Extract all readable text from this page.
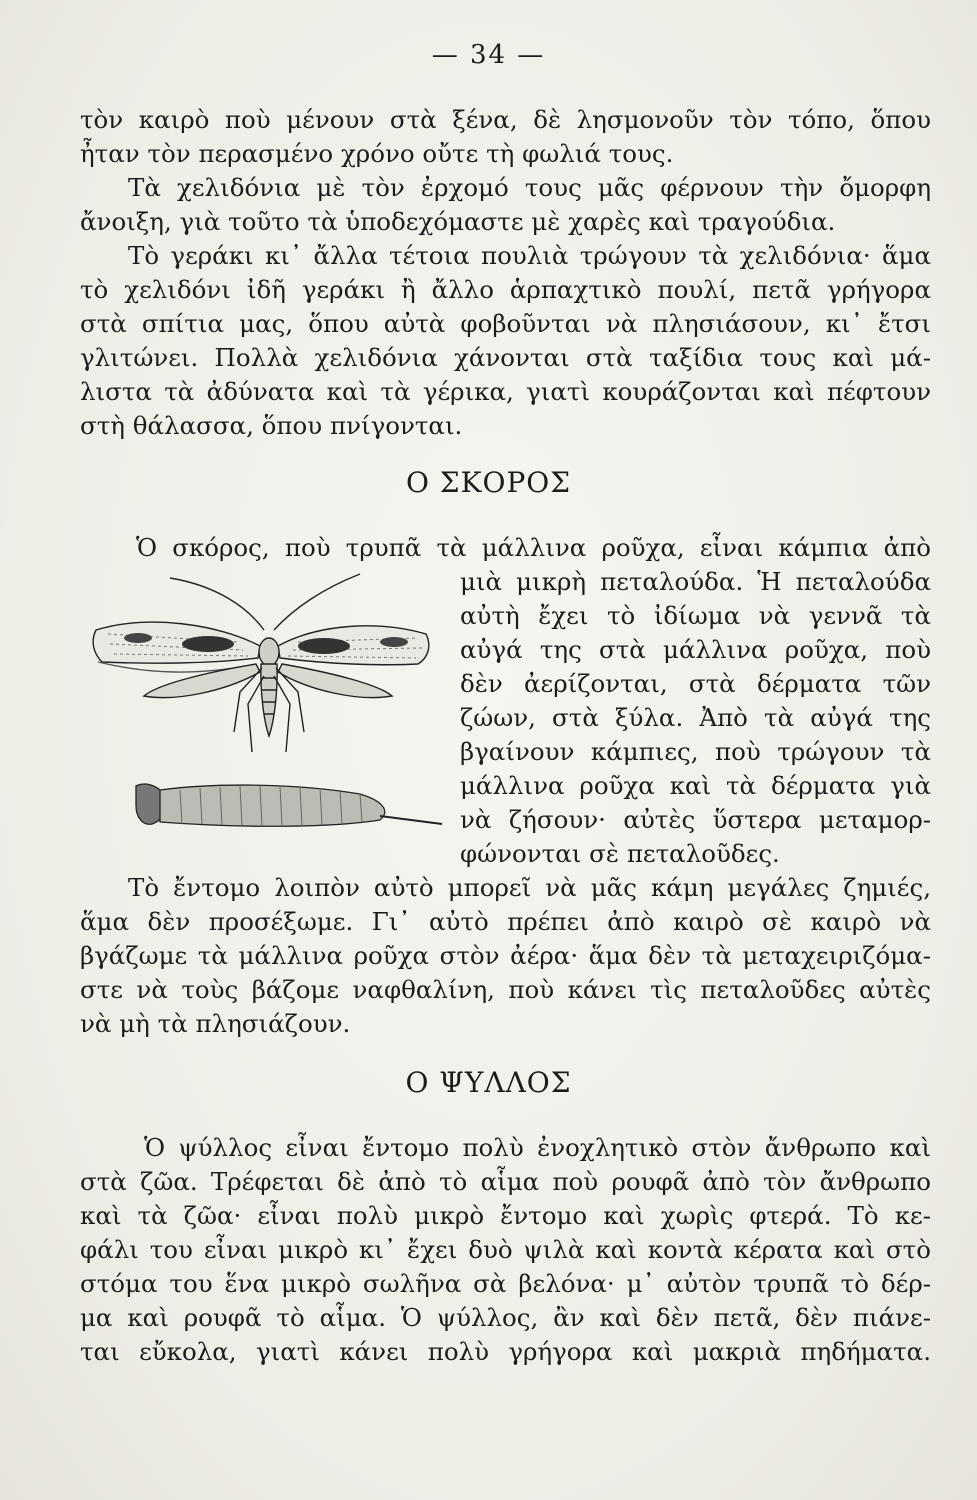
— 34 —
τὸν καιρὸ ποὺ μένουν στὰ ξένα, δὲ λησμονοῦν τὸν τόπο, ὅπου
ἦταν τὸν περασμένο χρόνο οὔτε τὴ φωλιά τους.
Τὰ χελιδόνια μὲ τὸν ἐρχομό τους μᾶς φέρνουν τὴν ὄμορφη
ἄνοιξη, γιὰ τοῦτο τὰ ὑποδεχόμαστε μὲ χαρὲς καὶ τραγούδια.
Τὸ γεράκι κι᾿ ἄλλα τέτοια πουλιὰ τρώγουν τὰ χελιδόνια· ἅμα
τὸ χελιδόνι ἰδῆ γεράκι ἢ ἄλλο ἁρπαχτικὸ πουλί, πετᾶ γρήγορα
στὰ σπίτια μας, ὅπου αὐτὰ φοβοῦνται νὰ πλησιάσουν, κι᾿ ἔτσι
γλιτώνει. Πολλὰ χελιδόνια χάνονται στὰ ταξίδια τους καὶ μά-
λιστα τὰ ἀδύνατα καὶ τὰ γέρικα, γιατὶ κουράζονται καὶ πέφτουν
στὴ θάλασσα, ὅπου πνίγονται.
Ο ΣΚΟΡΟΣ
Ὁ σκόρος, ποὺ τρυπᾶ τὰ μάλλινα ροῦχα, εἶναι κάμπια ἀπὸ
μιὰ μικρὴ πεταλούδα. Ἡ πεταλούδα
αὐτὴ ἔχει τὸ ἰδίωμα νὰ γεννᾶ τὰ
αὐγά της στὰ μάλλινα ροῦχα, ποὺ
δὲν ἀερίζονται, στὰ δέρματα τῶν
ζώων, στὰ ξύλα. Ἀπὸ τὰ αὐγά της
βγαίνουν κάμπιες, ποὺ τρώγουν τὰ
μάλλινα ροῦχα καὶ τὰ δέρματα γιὰ
νὰ ζήσουν· αὐτὲς ὕστερα μεταμορ-
φώνονται σὲ πεταλοῦδες.
Τὸ ἔντομο λοιπὸν αὐτὸ μπορεῖ νὰ μᾶς κάμη μεγάλες ζημιές,
ἅμα δὲν προσέξωμε. Γι᾿ αὐτὸ πρέπει ἀπὸ καιρὸ σὲ καιρὸ νὰ
βγάζωμε τὰ μάλλινα ροῦχα στὸν ἀέρα· ἅμα δὲν τὰ μεταχειριζόμα-
στε νὰ τοὺς βάζομε ναφθαλίνη, ποὺ κάνει τὶς πεταλοῦδες αὐτὲς
νὰ μὴ τὰ πλησιάζουν.
Ο ΨΥΛΛΟΣ
Ὁ ψύλλος εἶναι ἔντομο πολὺ ἐνοχλητικὸ στὸν ἄνθρωπο καὶ
στὰ ζῶα. Τρέφεται δὲ ἀπὸ τὸ αἷμα ποὺ ρουφᾶ ἀπὸ τὸν ἄνθρωπο
καὶ τὰ ζῶα· εἶναι πολὺ μικρὸ ἔντομο καὶ χωρὶς φτερά. Τὸ κε-
φάλι του εἶναι μικρὸ κι᾿ ἔχει δυὸ ψιλὰ καὶ κοντὰ κέρατα καὶ στὸ
στόμα του ἕνα μικρὸ σωλῆνα σὰ βελόνα· μ᾿ αὐτὸν τρυπᾶ τὸ δέρ-
μα καὶ ρουφᾶ τὸ αἷμα. Ὁ ψύλλος, ἂν καὶ δὲν πετᾶ, δὲν πιάνε-
ται εὔκολα, γιατὶ κάνει πολὺ γρήγορα καὶ μακριὰ πηδήματα.
